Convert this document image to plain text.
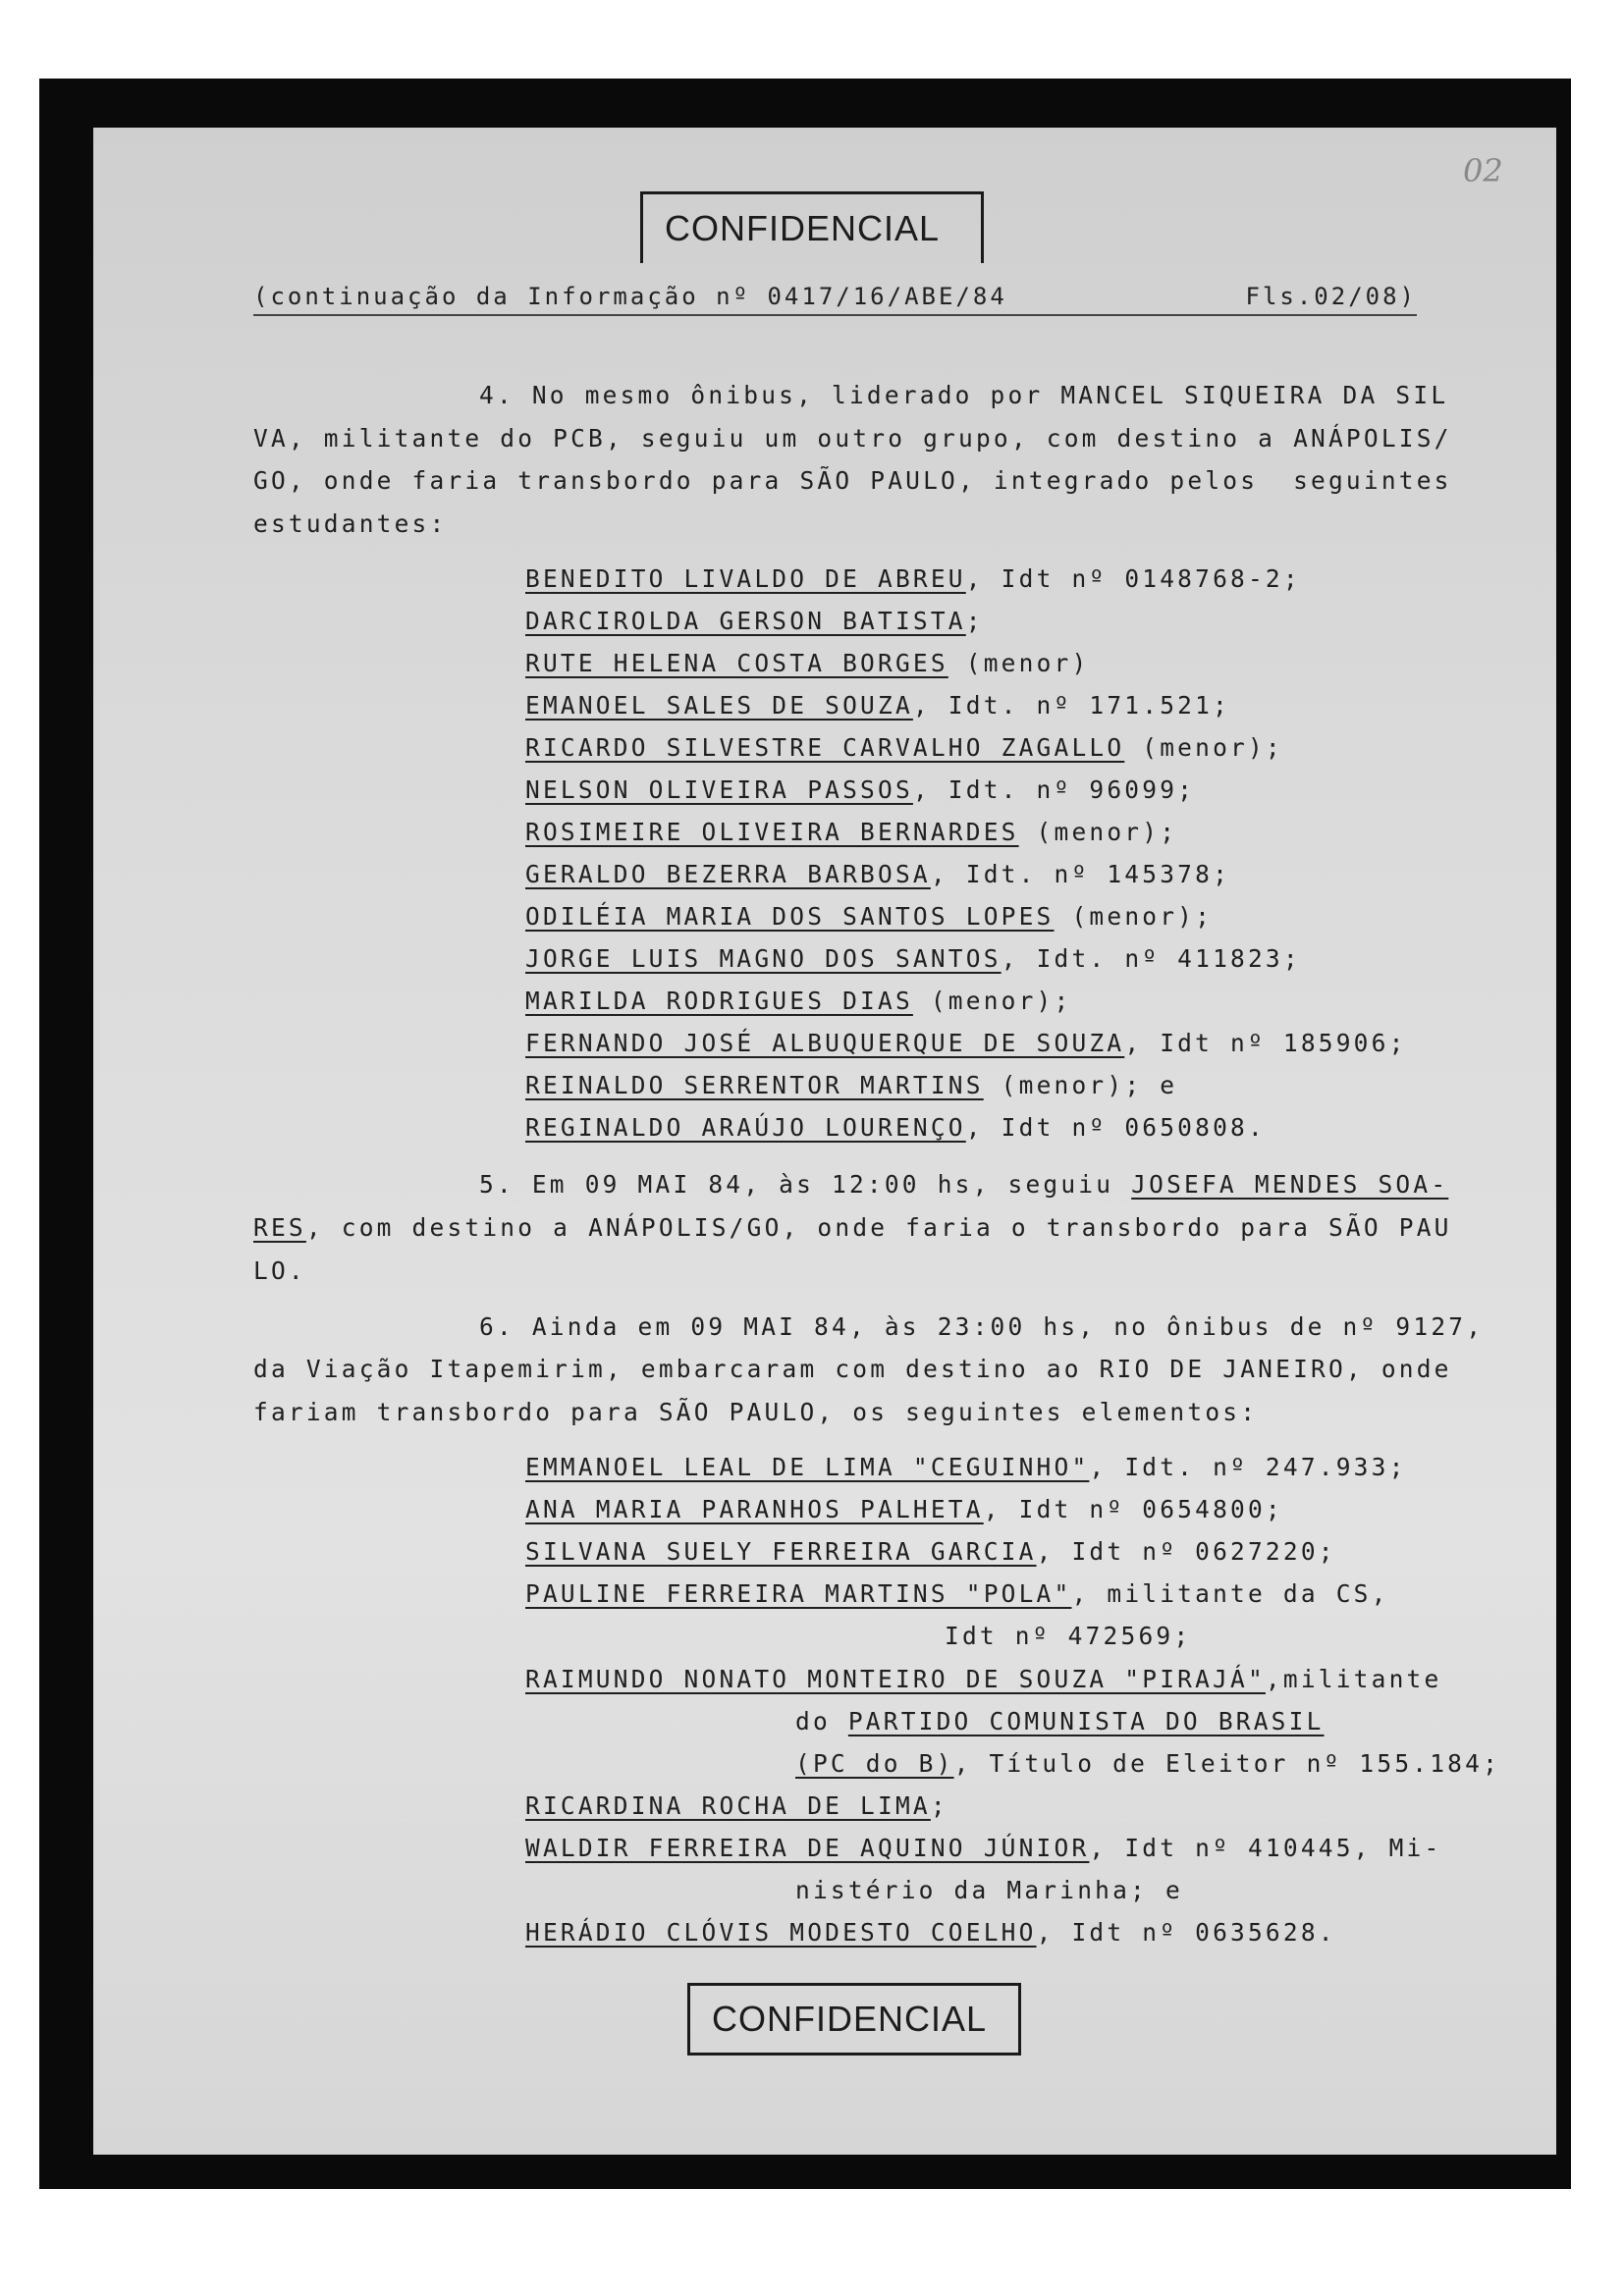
CONFIDENCIAL
02
(continuação da Informação nº 0417/16/ABE/84	Fls.02/08)
4. No mesmo ônibus, liderado por MANCEL SIQUEIRA DA SIL
VA, militante do PCB, seguiu um outro grupo, com destino a ANÁPOLIS/
GO, onde faria transbordo para SÃO PAULO, integrado pelos  seguintes
estudantes:
BENEDITO LIVALDO DE ABREU, Idt nº 0148768-2;
DARCIROLDA GERSON BATISTA;
RUTE HELENA COSTA BORGES (menor)
EMANOEL SALES DE SOUZA, Idt. nº 171.521;
RICARDO SILVESTRE CARVALHO ZAGALLO (menor);
NELSON OLIVEIRA PASSOS, Idt. nº 96099;
ROSIMEIRE OLIVEIRA BERNARDES (menor);
GERALDO BEZERRA BARBOSA, Idt. nº 145378;
ODILÉIA MARIA DOS SANTOS LOPES (menor);
JORGE LUIS MAGNO DOS SANTOS, Idt. nº 411823;
MARILDA RODRIGUES DIAS (menor);
FERNANDO JOSÉ ALBUQUERQUE DE SOUZA, Idt nº 185906;
REINALDO SERRENTOR MARTINS (menor); e
REGINALDO ARAÚJO LOURENÇO, Idt nº 0650808.
5. Em 09 MAI 84, às 12:00 hs, seguiu JOSEFA MENDES SOA-
RES, com destino a ANÁPOLIS/GO, onde faria o transbordo para SÃO PAU
LO.
6. Ainda em 09 MAI 84, às 23:00 hs, no ônibus de nº 9127,
da Viação Itapemirim, embarcaram com destino ao RIO DE JANEIRO, onde
fariam transbordo para SÃO PAULO, os seguintes elementos:
EMMANOEL LEAL DE LIMA "CEGUINHO", Idt. nº 247.933;
ANA MARIA PARANHOS PALHETA, Idt nº 0654800;
SILVANA SUELY FERREIRA GARCIA, Idt nº 0627220;
PAULINE FERREIRA MARTINS "POLA", militante da CS,
Idt nº 472569;
RAIMUNDO NONATO MONTEIRO DE SOUZA "PIRAJÁ",militante
do PARTIDO COMUNISTA DO BRASIL
(PC do B), Título de Eleitor nº 155.184;
RICARDINA ROCHA DE LIMA;
WALDIR FERREIRA DE AQUINO JÚNIOR, Idt nº 410445, Mi-
nistério da Marinha; e
HERÁDIO CLÓVIS MODESTO COELHO, Idt nº 0635628.
CONFIDENCIAL
